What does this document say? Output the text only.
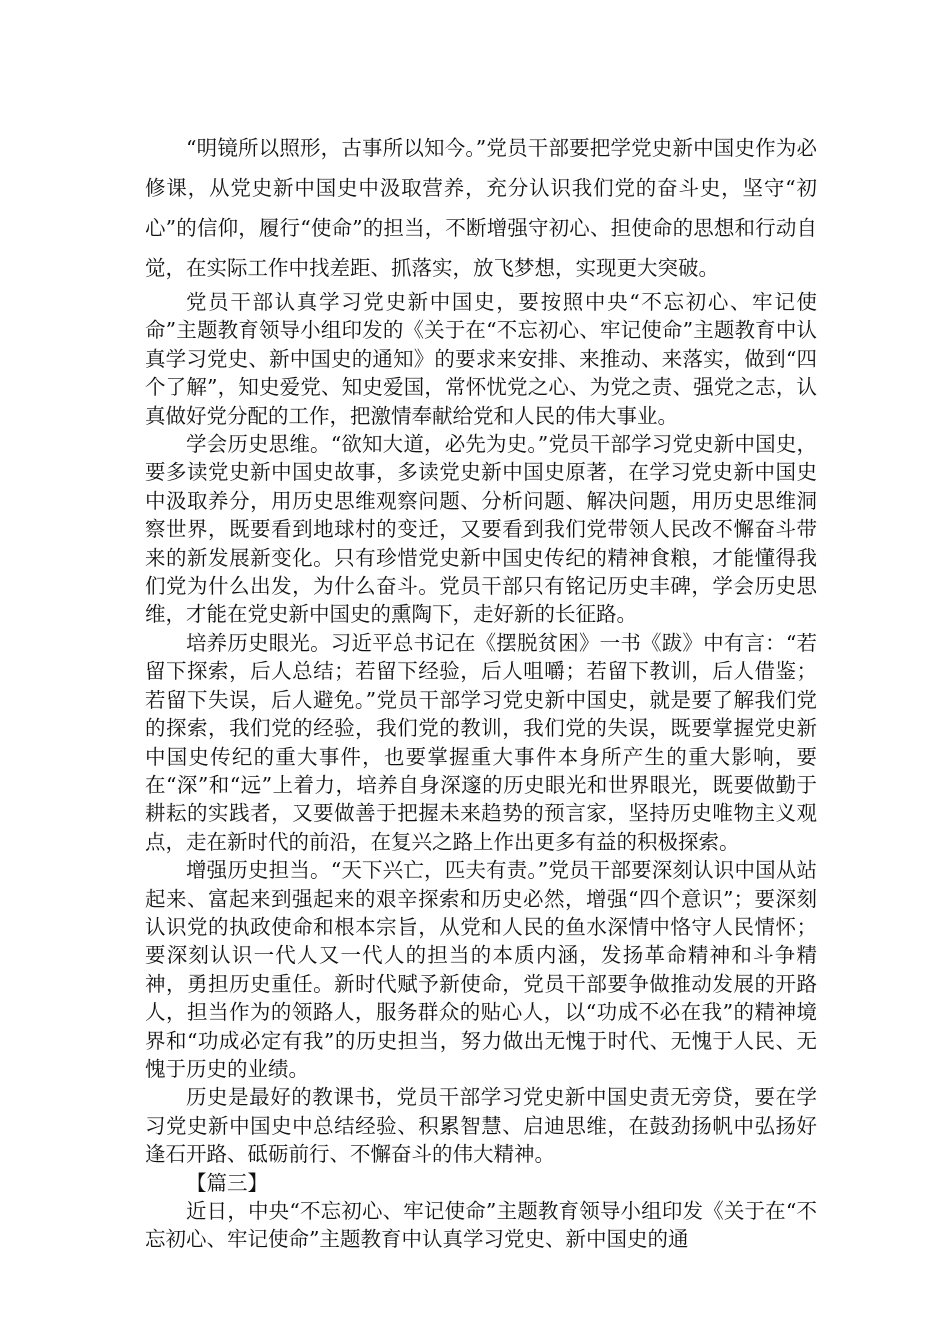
“明镜所以照形，古事所以知今。”党员干部要把学党史新中国史作为必修课，从党史新中国史中汲取营养，充分认识我们党的奋斗史，坚守“初心”的信仰，履行“使命”的担当，不断增强守初心、担使命的思想和行动自觉，在实际工作中找差距、抓落实，放飞梦想，实现更大突破。

党员干部认真学习党史新中国史，要按照中央“不忘初心、牢记使命”主题教育领导小组印发的《关于在“不忘初心、牢记使命”主题教育中认真学习党史、新中国史的通知》的要求来安排、来推动、来落实，做到“四个了解”，知史爱党、知史爱国，常怀忧党之心、为党之责、强党之志，认真做好党分配的工作，把激情奉献给党和人民的伟大事业。

学会历史思维。“欲知大道，必先为史。”党员干部学习党史新中国史，要多读党史新中国史故事，多读党史新中国史原著，在学习党史新中国史中汲取养分，用历史思维观察问题、分析问题、解决问题，用历史思维洞察世界，既要看到地球村的变迁，又要看到我们党带领人民改不懈奋斗带来的新发展新变化。只有珍惜党史新中国史传纪的精神食粮，才能懂得我们党为什么出发，为什么奋斗。党员干部只有铭记历史丰碑，学会历史思维，才能在党史新中国史的熏陶下，走好新的长征路。

培养历史眼光。习近平总书记在《摆脱贫困》一书《跋》中有言：“若留下探索，后人总结；若留下经验，后人咀嚼；若留下教训，后人借鉴；若留下失误，后人避免。”党员干部学习党史新中国史，就是要了解我们党的探索，我们党的经验，我们党的教训，我们党的失误，既要掌握党史新中国史传纪的重大事件，也要掌握重大事件本身所产生的重大影响，要在“深”和“远”上着力，培养自身深邃的历史眼光和世界眼光，既要做勤于耕耘的实践者，又要做善于把握未来趋势的预言家，坚持历史唯物主义观点，走在新时代的前沿，在复兴之路上作出更多有益的积极探索。

增强历史担当。“天下兴亡，匹夫有责。”党员干部要深刻认识中国从站起来、富起来到强起来的艰辛探索和历史必然，增强“四个意识”；要深刻认识党的执政使命和根本宗旨，从党和人民的鱼水深情中恪守人民情怀；要深刻认识一代人又一代人的担当的本质内涵，发扬革命精神和斗争精神，勇担历史重任。新时代赋予新使命，党员干部要争做推动发展的开路人，担当作为的领路人，服务群众的贴心人，以“功成不必在我”的精神境界和“功成必定有我”的历史担当，努力做出无愧于时代、无愧于人民、无愧于历史的业绩。

历史是最好的教课书，党员干部学习党史新中国史责无旁贷，要在学习党史新中国史中总结经验、积累智慧、启迪思维，在鼓劲扬帆中弘扬好逢石开路、砥砺前行、不懈奋斗的伟大精神。

【篇三】

近日，中央“不忘初心、牢记使命”主题教育领导小组印发《关于在“不忘初心、牢记使命”主题教育中认真学习党史、新中国史的通
